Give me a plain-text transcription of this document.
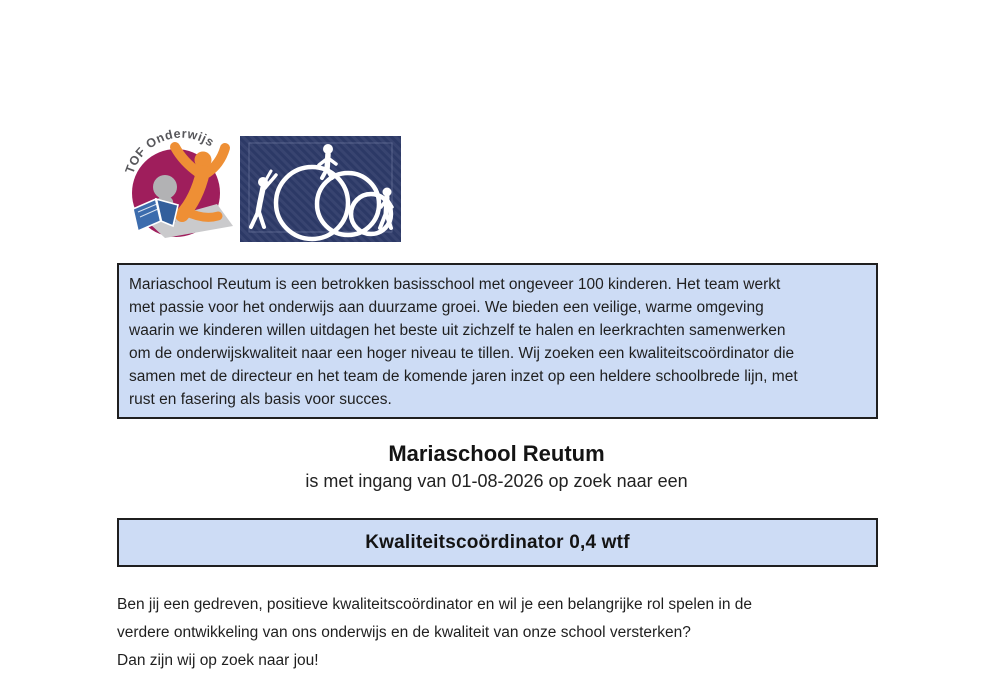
TOF Onderwijs
Mariaschool Reutum is een betrokken basisschool met ongeveer 100 kinderen. Het team werkt
met passie voor het onderwijs aan duurzame groei. We bieden een veilige, warme omgeving
waarin we kinderen willen uitdagen het beste uit zichzelf te halen en leerkrachten samenwerken
om de onderwijskwaliteit naar een hoger niveau te tillen. Wij zoeken een kwaliteitscoördinator die
samen met de directeur en het team de komende jaren inzet op een heldere schoolbrede lijn, met
rust en fasering als basis voor succes.
Mariaschool Reutum
is met ingang van 01-08-2026 op zoek naar een
Kwaliteitscoördinator 0,4 wtf
Ben jij een gedreven, positieve kwaliteitscoördinator en wil je een belangrijke rol spelen in de
verdere ontwikkeling van ons onderwijs en de kwaliteit van onze school versterken?
Dan zijn wij op zoek naar jou!
